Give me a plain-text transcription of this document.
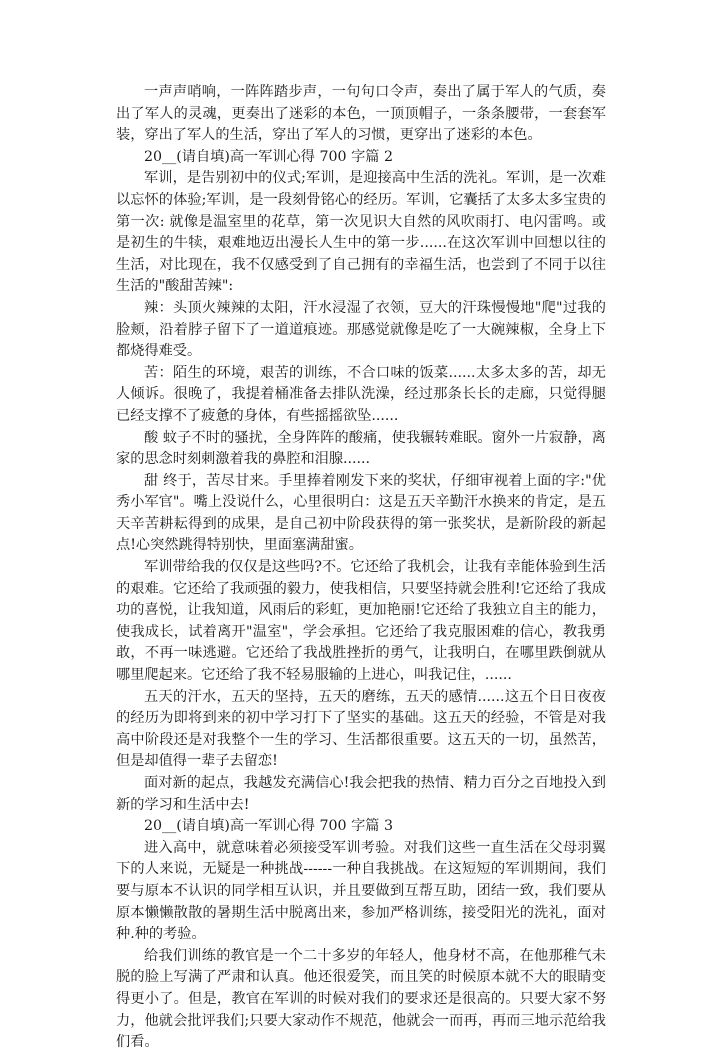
一声声哨响，一阵阵踏步声，一句句口令声，奏出了属于军人的气质，奏出了军人的灵魂，更奏出了迷彩的本色，一顶顶帽子，一条条腰带，一套套军装，穿出了军人的生活，穿出了军人的习惯，更穿出了迷彩的本色。

20__(请自填)高一军训心得 700 字篇 2

军训，是告别初中的仪式;军训，是迎接高中生活的洗礼。军训，是一次难以忘怀的体验;军训，是一段刻骨铭心的经历。军训，它囊括了太多太多宝贵的第一次: 就像是温室里的花草，第一次见识大自然的风吹雨打、电闪雷鸣。或是初生的牛犊，艰难地迈出漫长人生中的第一步......在这次军训中回想以往的生活，对比现在，我不仅感受到了自己拥有的幸福生活，也尝到了不同于以往生活的"酸甜苦辣":

辣：头顶火辣辣的太阳，汗水浸湿了衣领，豆大的汗珠慢慢地"爬"过我的脸颊，沿着脖子留下了一道道痕迹。那感觉就像是吃了一大碗辣椒，全身上下都烧得难受。

苦：陌生的环境，艰苦的训练，不合口味的饭菜......太多太多的苦，却无人倾诉。很晚了，我提着桶准备去排队洗澡，经过那条长长的走廊，只觉得腿已经支撑不了疲惫的身体，有些摇摇欲坠......

酸 蚊子不时的骚扰，全身阵阵的酸痛，使我辗转难眠。窗外一片寂静，离家的思念时刻刺激着我的鼻腔和泪腺......

甜 终于，苦尽甘来。手里捧着刚发下来的奖状，仔细审视着上面的字:"优秀小军官"。嘴上没说什么，心里很明白：这是五天辛勤汗水换来的肯定，是五天辛苦耕耘得到的成果，是自己初中阶段获得的第一张奖状，是新阶段的新起点!心突然跳得特别快，里面塞满甜蜜。

军训带给我的仅仅是这些吗?不。它还给了我机会，让我有幸能体验到生活的艰难。它还给了我顽强的毅力，使我相信，只要坚持就会胜利!它还给了我成功的喜悦，让我知道，风雨后的彩虹，更加艳丽!它还给了我独立自主的能力，使我成长，试着离开"温室"，学会承担。它还给了我克服困难的信心，教我勇敢，不再一味逃避。它还给了我战胜挫折的勇气，让我明白，在哪里跌倒就从哪里爬起来。它还给了我不轻易服输的上进心，叫我记住，......

五天的汗水，五天的坚持，五天的磨练，五天的感情......这五个日日夜夜的经历为即将到来的初中学习打下了坚实的基础。这五天的经验，不管是对我高中阶段还是对我整个一生的学习、生活都很重要。这五天的一切，虽然苦，但是却值得一辈子去留恋!

面对新的起点，我越发充满信心!我会把我的热情、精力百分之百地投入到新的学习和生活中去!

20__(请自填)高一军训心得 700 字篇 3

进入高中，就意味着必须接受军训考验。对我们这些一直生活在父母羽翼下的人来说，无疑是一种挑战------一种自我挑战。在这短短的军训期间，我们要与原本不认识的同学相互认识，并且要做到互帮互助，团结一致，我们要从原本懒懒散散的暑期生活中脱离出来，参加严格训练，接受阳光的洗礼，面对种.种的考验。

给我们训练的教官是一个二十多岁的年轻人，他身材不高，在他那稚气未脱的脸上写满了严肃和认真。他还很爱笑，而且笑的时候原本就不大的眼睛变得更小了。但是，教官在军训的时候对我们的要求还是很高的。只要大家不努力，他就会批评我们;只要大家动作不规范，他就会一而再，再而三地示范给我们看。
